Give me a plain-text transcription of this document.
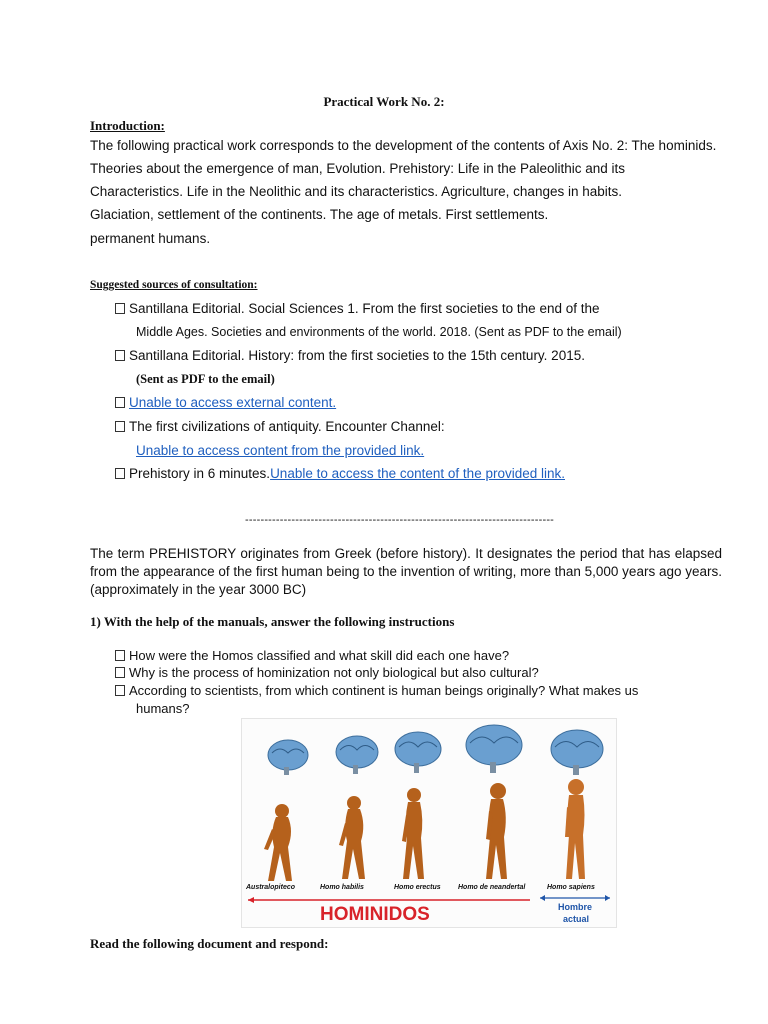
Practical Work No. 2:
Introduction:
The following practical work corresponds to the development of the contents of Axis No. 2: The hominids.
Theories about the emergence of man, Evolution. Prehistory: Life in the Paleolithic and its
Characteristics. Life in the Neolithic and its characteristics. Agriculture, changes in habits.
Glaciation, settlement of the continents. The age of metals. First settlements.
permanent humans.
Suggested sources of consultation:
Santillana Editorial. Social Sciences 1. From the first societies to the end of the
Middle Ages. Societies and environments of the world. 2018. (Sent as PDF to the email)
Santillana Editorial. History: from the first societies to the 15th century. 2015.
(Sent as PDF to the email)
Unable to access external content.
The first civilizations of antiquity. Encounter Channel:
Unable to access content from the provided link.
Prehistory in 6 minutes.Unable to access the content of the provided link.
--------------------------------------------------------------------------------
The term PREHISTORY originates from Greek (before history). It designates the period that has elapsed from the appearance of the first human being to the invention of writing, more than 5,000 years ago years. (approximately in the year 3000 BC)
1) With the help of the manuals, answer the following instructions
How were the Homos classified and what skill did each one have?
Why is the process of hominization not only biological but also cultural?
According to scientists, from which continent is human beings originally? What makes us
humans?
Australopiteco	Homo habilis	Homo erectus Homo de neandertal	Homo sapiens
HOMINIDOS	Hombre
actual
Read the following document and respond:
